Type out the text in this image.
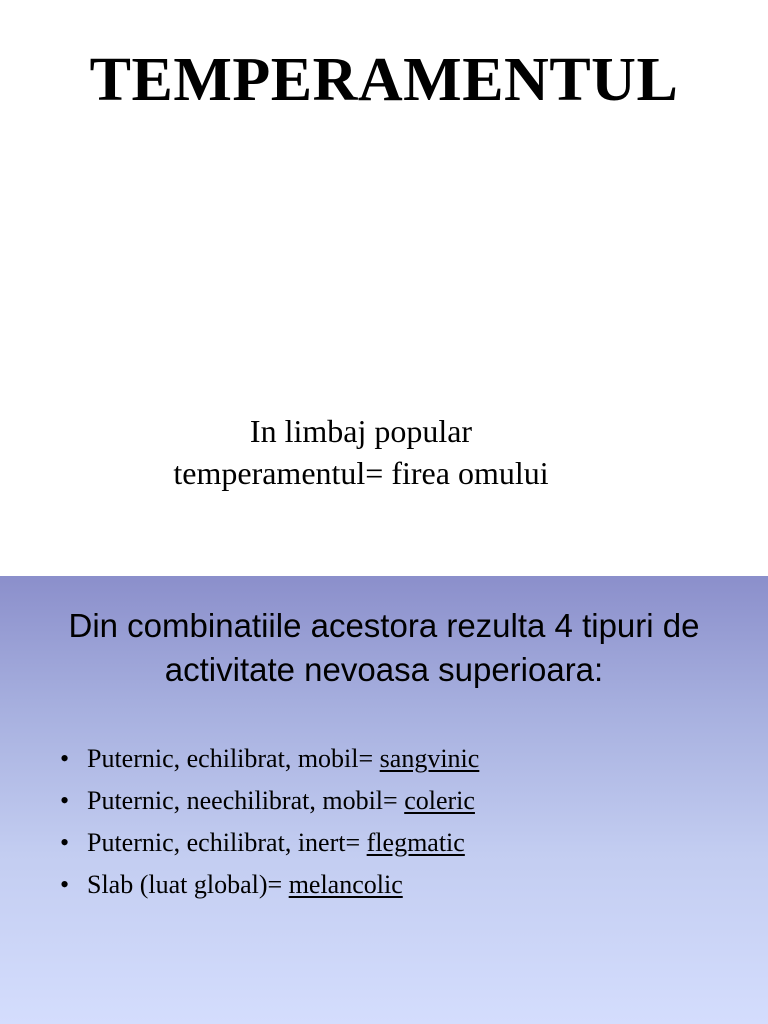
TEMPERAMENTUL
In limbaj popular
temperamentul= firea omului
Din combinatiile acestora rezulta 4 tipuri de
activitate nevoasa superioara:
• Puternic, echilibrat, mobil= sangvinic
• Puternic, neechilibrat, mobil= coleric
• Puternic, echilibrat, inert= flegmatic
• Slab (luat global)= melancolic
